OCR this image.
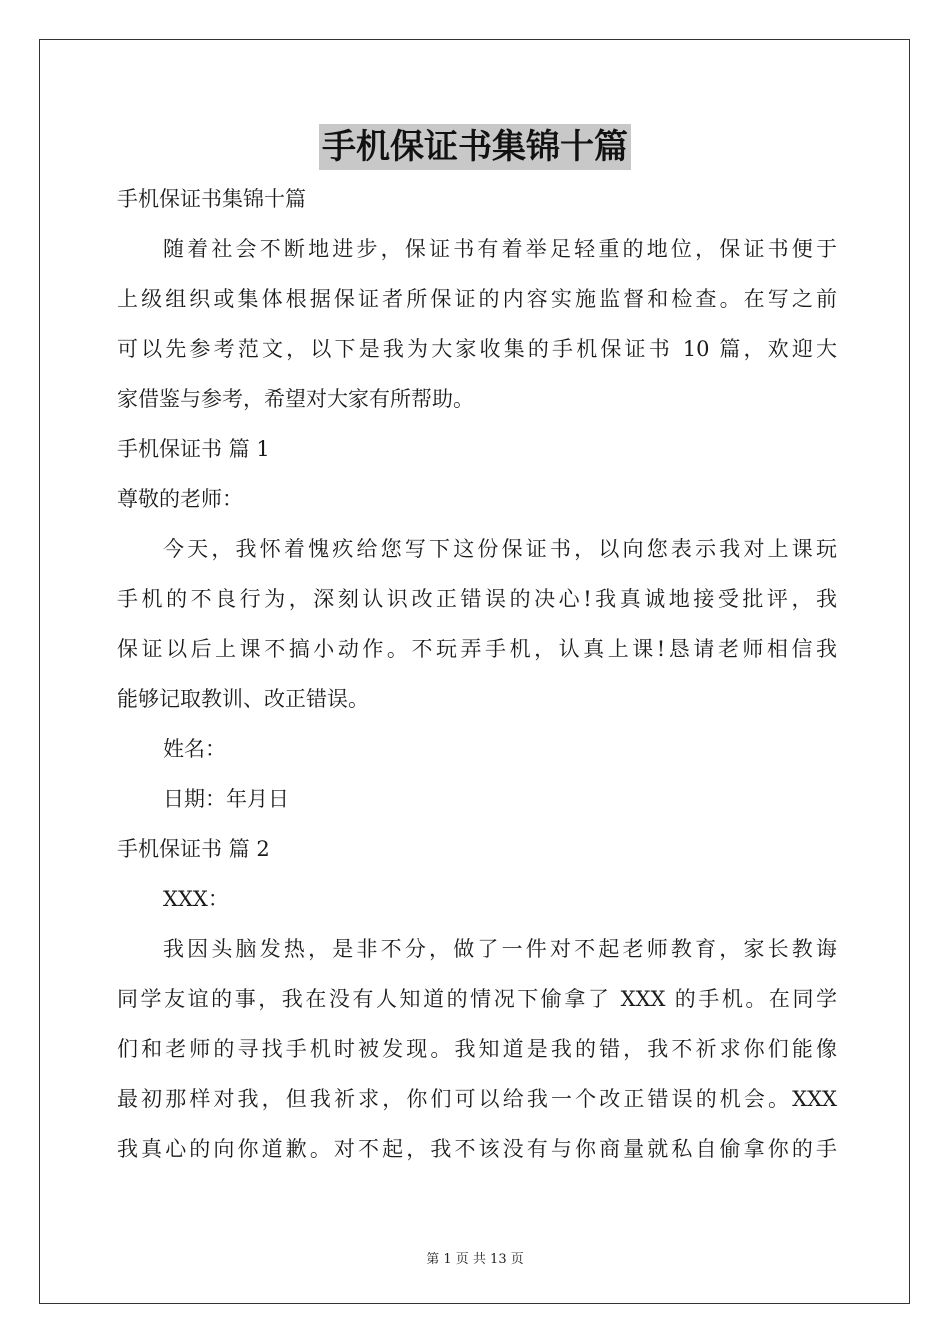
手机保证书集锦十篇
手机保证书集锦十篇
随着社会不断地进步，保证书有着举足轻重的地位，保证书便于
上级组织或集体根据保证者所保证的内容实施监督和检查。在写之前
可以先参考范文，以下是我为大家收集的手机保证书 10 篇，欢迎大
家借鉴与参考，希望对大家有所帮助。
手机保证书 篇 1
尊敬的老师：
今天，我怀着愧疚给您写下这份保证书，以向您表示我对上课玩
手机的不良行为，深刻认识改正错误的决心!我真诚地接受批评，我
保证以后上课不搞小动作。不玩弄手机，认真上课!恳请老师相信我
能够记取教训、改正错误。
姓名：
日期：年月日
手机保证书 篇 2
XXX：
我因头脑发热，是非不分，做了一件对不起老师教育，家长教诲
同学友谊的事，我在没有人知道的情况下偷拿了 XXX 的手机。在同学
们和老师的寻找手机时被发现。我知道是我的错，我不祈求你们能像
最初那样对我，但我祈求，你们可以给我一个改正错误的机会。XXX
我真心的向你道歉。对不起，我不该没有与你商量就私自偷拿你的手
第 1 页 共 13 页
